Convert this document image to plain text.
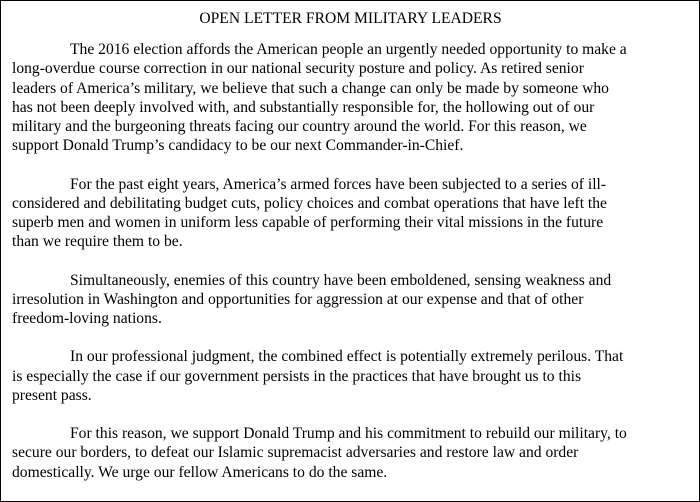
OPEN LETTER FROM MILITARY LEADERS
The 2016 election affords the American people an urgently needed opportunity to make a
long-overdue course correction in our national security posture and policy. As retired senior
leaders of America’s military, we believe that such a change can only be made by someone who
has not been deeply involved with, and substantially responsible for, the hollowing out of our
military and the burgeoning threats facing our country around the world. For this reason, we
support Donald Trump’s candidacy to be our next Commander-in-Chief.
For the past eight years, America’s armed forces have been subjected to a series of ill-
considered and debilitating budget cuts, policy choices and combat operations that have left the
superb men and women in uniform less capable of performing their vital missions in the future
than we require them to be.
Simultaneously, enemies of this country have been emboldened, sensing weakness and
irresolution in Washington and opportunities for aggression at our expense and that of other
freedom-loving nations.
In our professional judgment, the combined effect is potentially extremely perilous. That
is especially the case if our government persists in the practices that have brought us to this
present pass.
For this reason, we support Donald Trump and his commitment to rebuild our military, to
secure our borders, to defeat our Islamic supremacist adversaries and restore law and order
domestically. We urge our fellow Americans to do the same.
